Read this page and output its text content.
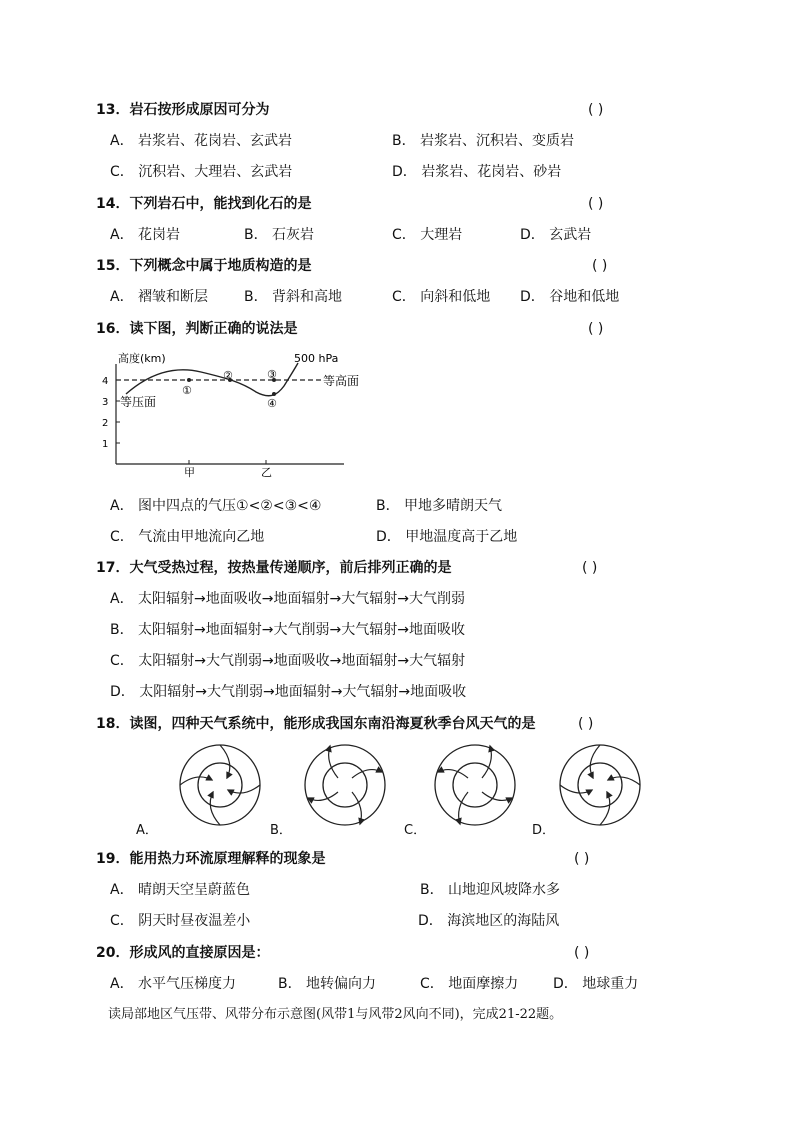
13．岩石按形成原因可分为	( )
A． 岩浆岩、花岗岩、玄武岩	B． 岩浆岩、沉积岩、变质岩
C． 沉积岩、大理岩、玄武岩	D． 岩浆岩、花岗岩、砂岩
14．下列岩石中，能找到化石的是	( )
A． 花岗岩	B． 石灰岩	C． 大理岩	D． 玄武岩
15．下列概念中属于地质构造的是	( )
A． 褶皱和断层	B． 背斜和高地	C． 向斜和低地 D． 谷地和低地
16．读下图，判断正确的说法是	( )
高度(km)
4
3
2
1
甲	乙
等高面
500 hPa
等压面
①
②	③
④
A． 图中四点的气压①<②<③<④	B． 甲地多晴朗天气
C． 气流由甲地流向乙地	D． 甲地温度高于乙地
17．大气受热过程，按热量传递顺序，前后排列正确的是	( )
A． 太阳辐射→地面吸收→地面辐射→大气辐射→大气削弱
B． 太阳辐射→地面辐射→大气削弱→大气辐射→地面吸收
C． 太阳辐射→大气削弱→地面吸收→地面辐射→大气辐射
D． 太阳辐射→大气削弱→地面辐射→大气辐射→地面吸收
18．读图，四种天气系统中，能形成我国东南沿海夏秋季台风天气的是	( )
A．	B．	C．	D．
19．能用热力环流原理解释的现象是	( )
A． 晴朗天空呈蔚蓝色	B． 山地迎风坡降水多
C． 阴天时昼夜温差小	D． 海滨地区的海陆风
20．形成风的直接原因是：	( )
A． 水平气压梯度力	B． 地转偏向力	C． 地面摩擦力 D． 地球重力
读局部地区气压带、风带分布示意图(风带1与风带2风向不同)，完成21-22题。
